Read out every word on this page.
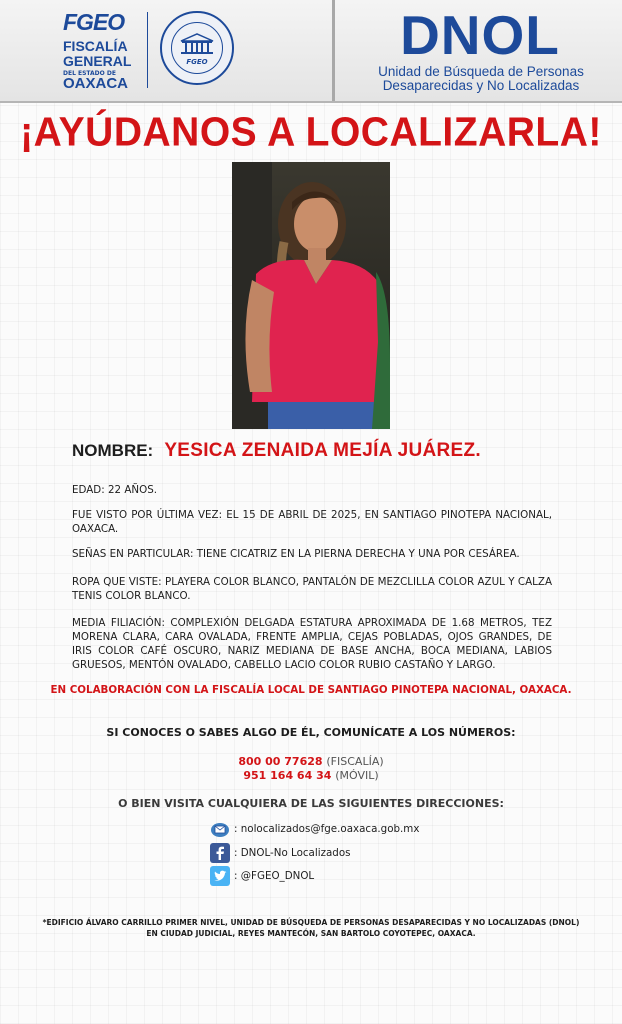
FGEO
FISCALÍA
GENERAL
DEL ESTADO DE
OAXACA
FGEO	DNOL
Unidad de Búsqueda de Personas
Desaparecidas y No Localizadas
¡AYÚDANOS A LOCALIZARLA!
NOMBRE: YESICA ZENAIDA MEJÍA JUÁREZ.
EDAD: 22 AÑOS.
FUE VISTO POR ÚLTIMA VEZ: EL 15 DE ABRIL DE 2025, EN SANTIAGO PINOTEPA NACIONAL, OAXACA.
SEÑAS EN PARTICULAR: TIENE CICATRIZ EN LA PIERNA DERECHA Y UNA POR CESÁREA.
ROPA QUE VISTE: PLAYERA COLOR BLANCO, PANTALÓN DE MEZCLILLA COLOR AZUL Y CALZA TENIS COLOR BLANCO.
MEDIA FILIACIÓN: COMPLEXIÓN DELGADA ESTATURA APROXIMADA DE 1.68 METROS, TEZ MORENA CLARA, CARA OVALADA, FRENTE AMPLIA, CEJAS POBLADAS, OJOS GRANDES, DE IRIS COLOR CAFÉ OSCURO, NARIZ MEDIANA DE BASE ANCHA, BOCA MEDIANA, LABIOS GRUESOS, MENTÓN OVALADO, CABELLO LACIO COLOR RUBIO CASTAÑO Y LARGO.
EN COLABORACIÓN CON LA FISCALÍA LOCAL DE SANTIAGO PINOTEPA NACIONAL, OAXACA.
SI CONOCES O SABES ALGO DE ÉL, COMUNÍCATE A LOS NÚMEROS:
800 00 77628 (FISCALÍA)
951 164 64 34 (MÓVIL)
O BIEN VISITA CUALQUIERA DE LAS SIGUIENTES DIRECCIONES:
: nolocalizados@fge.oaxaca.gob.mx
: DNOL-No Localizados
: @FGEO_DNOL
*EDIFICIO ÁLVARO CARRILLO PRIMER NIVEL, UNIDAD DE BÚSQUEDA DE PERSONAS DESAPARECIDAS Y NO LOCALIZADAS (DNOL)
EN CIUDAD JUDICIAL, REYES MANTECÓN, SAN BARTOLO COYOTEPEC, OAXACA.
